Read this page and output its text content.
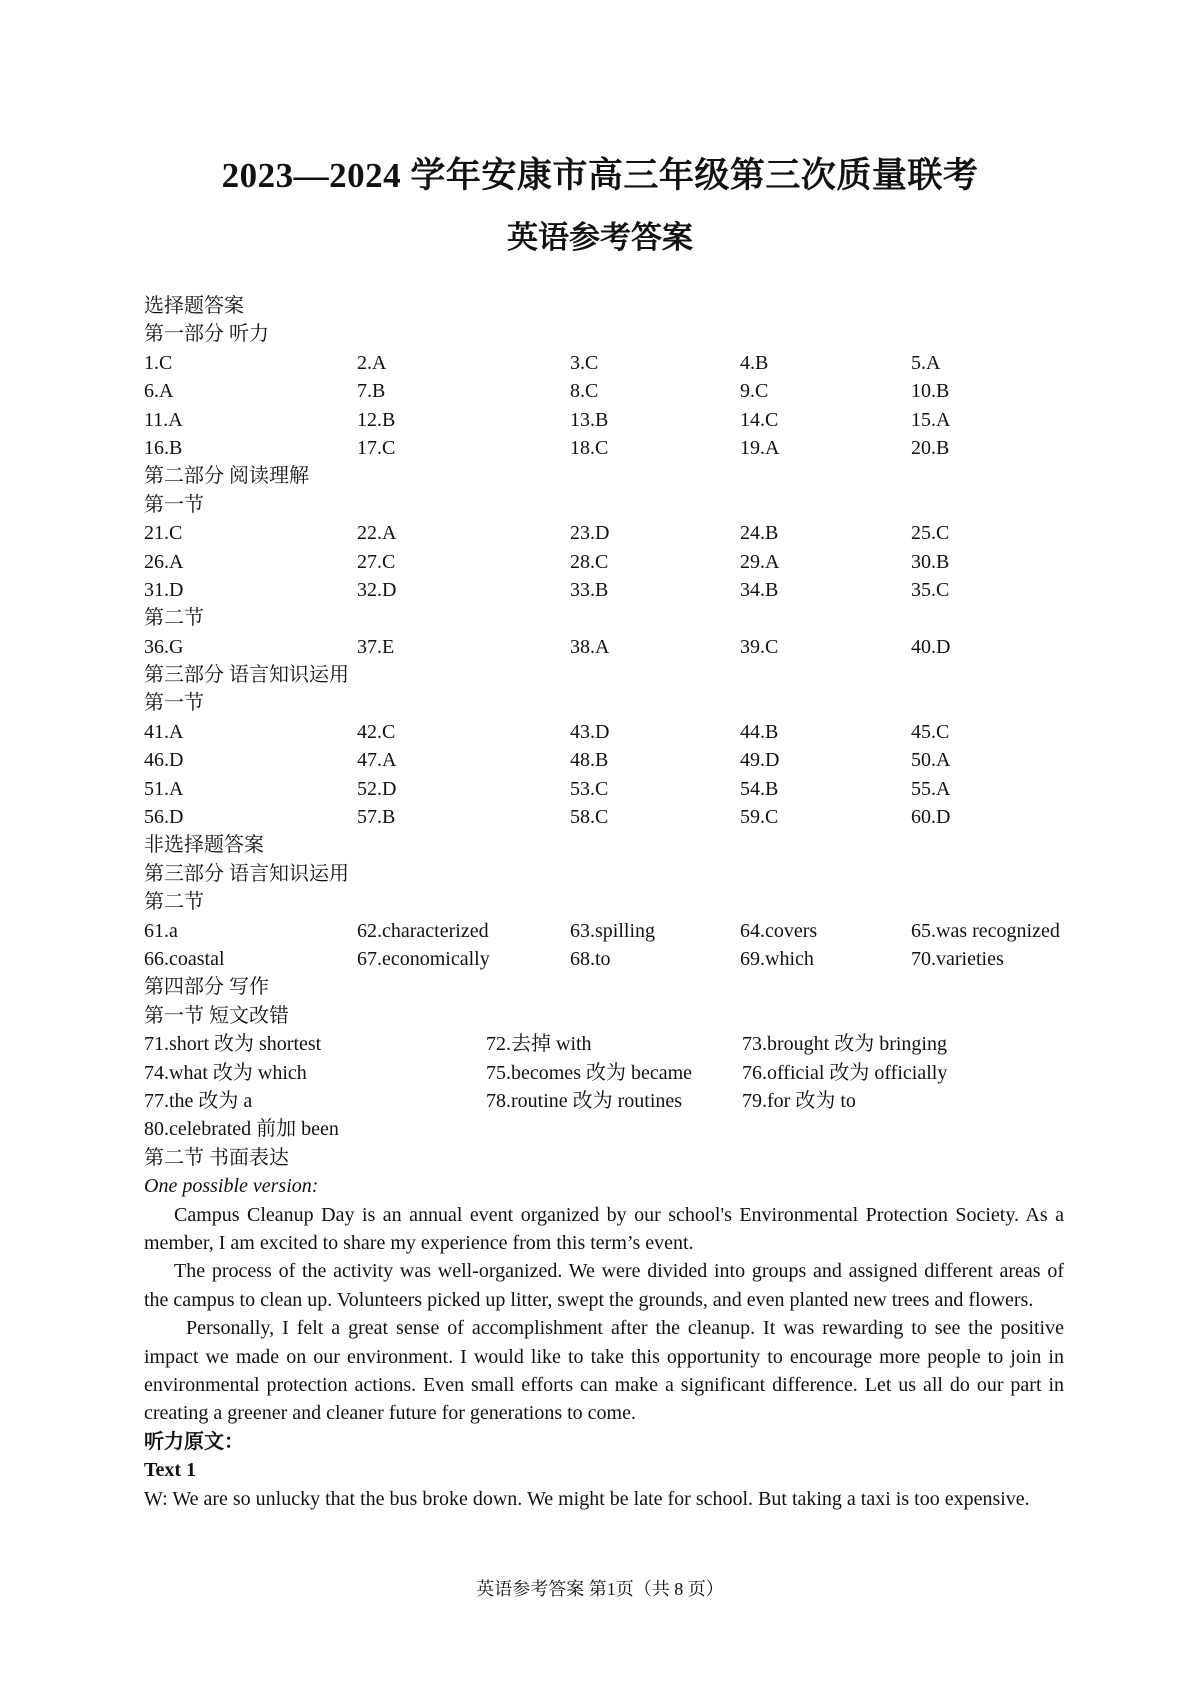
2023—2024 学年安康市高三年级第三次质量联考
英语参考答案
选择题答案
第一部分 听力
1.C	2.A	3.C	4.B	5.A
6.A	7.B	8.C	9.C	10.B
11.A	12.B	13.B	14.C	15.A
16.B	17.C	18.C	19.A	20.B
第二部分 阅读理解
第一节
21.C	22.A	23.D	24.B	25.C
26.A	27.C	28.C	29.A	30.B
31.D	32.D	33.B	34.B	35.C
第二节
36.G	37.E	38.A	39.C	40.D
第三部分 语言知识运用
第一节
41.A	42.C	43.D	44.B	45.C
46.D	47.A	48.B	49.D	50.A
51.A	52.D	53.C	54.B	55.A
56.D	57.B	58.C	59.C	60.D
非选择题答案
第三部分 语言知识运用
第二节
61.a	62.characterized	63.spilling	64.covers	65.was recognized
66.coastal	67.economically	68.to	69.which	70.varieties
第四部分 写作
第一节 短文改错
71.short 改为 shortest	72.去掉 with	73.brought 改为 bringing
74.what 改为 which	75.becomes 改为 became	76.official 改为 officially
77.the 改为 a	78.routine 改为 routines	79.for 改为 to
80.celebrated 前加 been
第二节 书面表达
One possible version:
Campus Cleanup Day is an annual event organized by our school's Environmental Protection Society. As a member, I am excited to share my experience from this term’s event.
The process of the activity was well-organized. We were divided into groups and assigned different areas of the campus to clean up. Volunteers picked up litter, swept the grounds, and even planted new trees and flowers.
Personally, I felt a great sense of accomplishment after the cleanup. It was rewarding to see the positive impact we made on our environment. I would like to take this opportunity to encourage more people to join in environmental protection actions. Even small efforts can make a significant difference. Let us all do our part in creating a greener and cleaner future for generations to come.
听力原文：
Text 1
W: We are so unlucky that the bus broke down. We might be late for school. But taking a taxi is too expensive.
英语参考答案 第1页（共 8 页）
